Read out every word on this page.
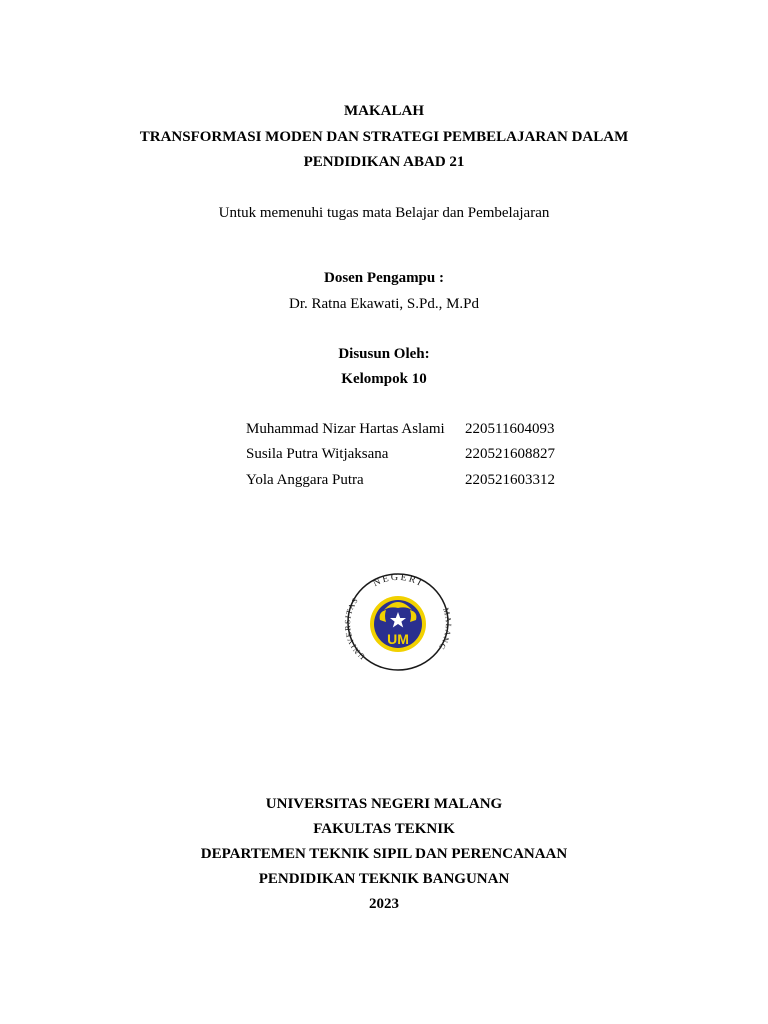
MAKALAH
TRANSFORMASI MODEN DAN STRATEGI PEMBELAJARAN DALAM
PENDIDIKAN ABAD 21
Untuk memenuhi tugas mata Belajar dan Pembelajaran
Dosen Pengampu :
Dr. Ratna Ekawati, S.Pd., M.Pd
Disusun Oleh:
Kelompok 10
Muhammad Nizar Hartas Aslami 220511604093
Susila Putra Witjaksana	220521608827
Yola Anggara Putra	220521603312
NEGERI
UNIVERSITAS
MALANG
UM
UNIVERSITAS NEGERI MALANG
FAKULTAS TEKNIK
DEPARTEMEN TEKNIK SIPIL DAN PERENCANAAN
PENDIDIKAN TEKNIK BANGUNAN
2023
